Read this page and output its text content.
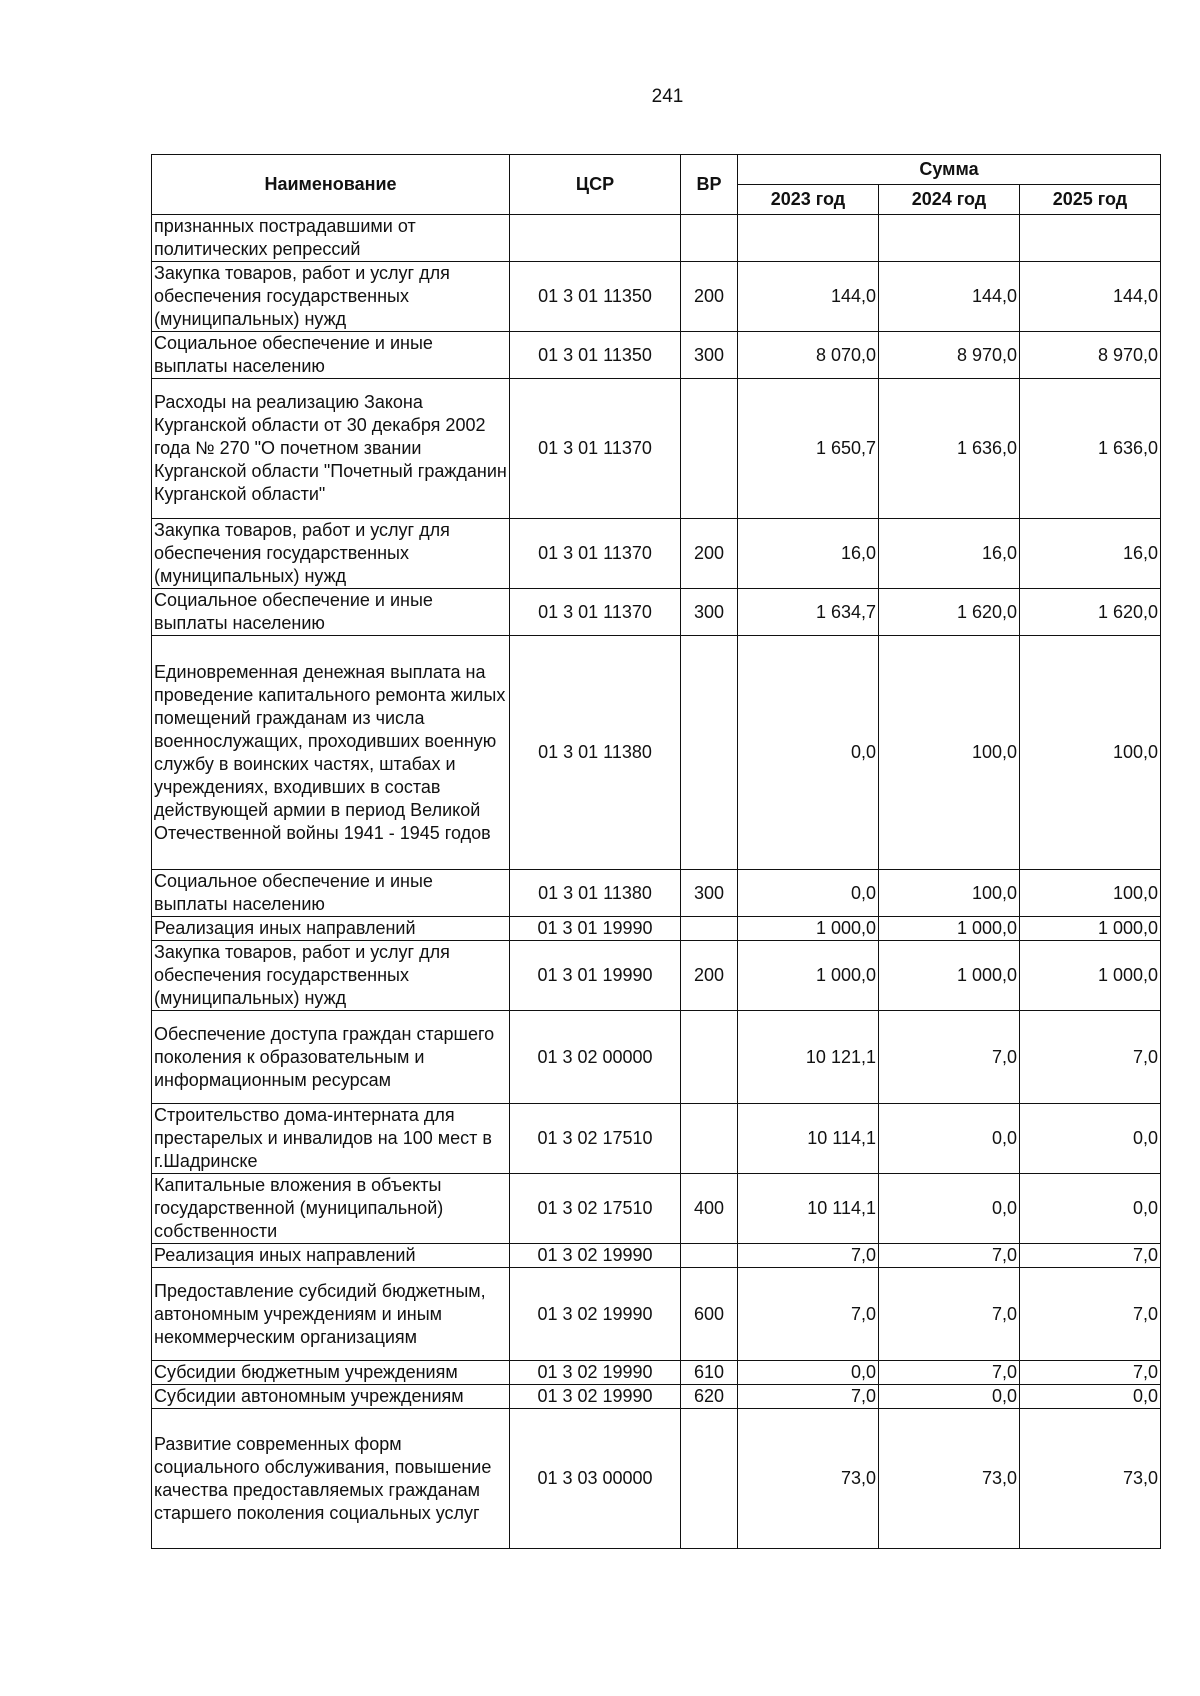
241
Наименование	ЦСР	ВР	Сумма		
			2023 год	2024 год	2025 год
признанных пострадавшими от политических репрессий					
Закупка товаров, работ и услуг для обеспечения государственных (муниципальных) нужд	01 3 01 11350	200	144,0	144,0	144,0
Социальное обеспечение и иные выплаты населению	01 3 01 11350	300	8 070,0	8 970,0	8 970,0
Расходы на реализацию Закона Курганской области от 30 декабря 2002 года № 270 "О почетном звании Курганской области "Почетный гражданин Курганской области"	01 3 01 11370		1 650,7	1 636,0	1 636,0
Закупка товаров, работ и услуг для обеспечения государственных (муниципальных) нужд	01 3 01 11370	200	16,0	16,0	16,0
Социальное обеспечение и иные выплаты населению	01 3 01 11370	300	1 634,7	1 620,0	1 620,0
Единовременная денежная выплата на проведение капитального ремонта жилых помещений гражданам из числа военнослужащих, проходивших военную службу в воинских частях, штабах и учреждениях, входивших в состав действующей армии в период Великой Отечественной войны 1941 - 1945 годов	01 3 01 11380		0,0	100,0	100,0
Социальное обеспечение и иные выплаты населению	01 3 01 11380	300	0,0	100,0	100,0
Реализация иных направлений	01 3 01 19990		1 000,0	1 000,0	1 000,0
Закупка товаров, работ и услуг для обеспечения государственных (муниципальных) нужд	01 3 01 19990	200	1 000,0	1 000,0	1 000,0
Обеспечение доступа граждан старшего поколения к образовательным и информационным ресурсам	01 3 02 00000		10 121,1	7,0	7,0
Строительство дома-интерната для престарелых и инвалидов на 100 мест в г.Шадринске	01 3 02 17510		10 114,1	0,0	0,0
Капитальные вложения в объекты государственной (муниципальной) собственности	01 3 02 17510	400	10 114,1	0,0	0,0
Реализация иных направлений	01 3 02 19990		7,0	7,0	7,0
Предоставление субсидий бюджетным, автономным учреждениям и иным некоммерческим организациям	01 3 02 19990	600	7,0	7,0	7,0
Субсидии бюджетным учреждениям	01 3 02 19990	610	0,0	7,0	7,0
Субсидии автономным учреждениям	01 3 02 19990	620	7,0	0,0	0,0
Развитие современных форм социального обслуживания, повышение качества предоставляемых гражданам старшего поколения социальных услуг	01 3 03 00000		73,0	73,0	73,0
